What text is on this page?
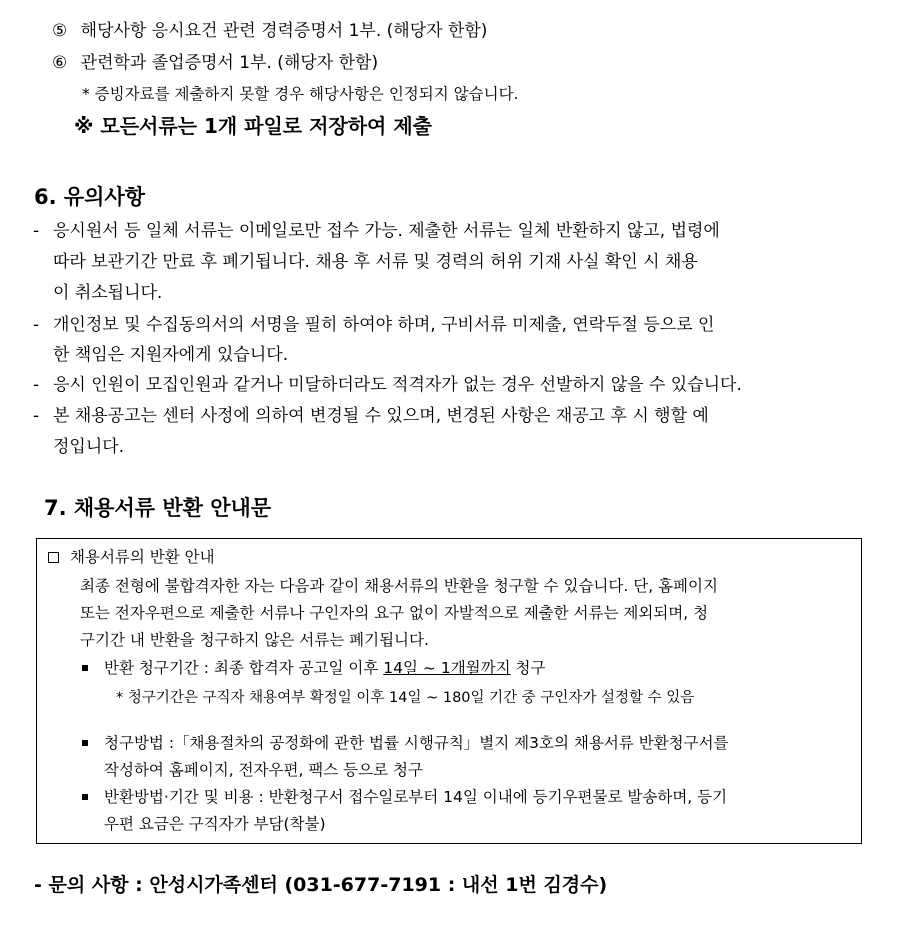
⑤ 해당사항 응시요건 관련 경력증명서 1부. (해당자 한함)
⑥ 관련학과 졸업증명서 1부. (해당자 한함)
* 증빙자료를 제출하지 못할 경우 해당사항은 인정되지 않습니다.
※ 모든서류는 1개 파일로 저장하여 제출
6. 유의사항
- 응시원서 등 일체 서류는 이메일로만 접수 가능. 제출한 서류는 일체 반환하지 않고, 법령에
따라 보관기간 만료 후 폐기됩니다. 채용 후 서류 및 경력의 허위 기재 사실 확인 시 채용
이 취소됩니다.
- 개인정보 및 수집동의서의 서명을 필히 하여야 하며, 구비서류 미제출, 연락두절 등으로 인
한 책임은 지원자에게 있습니다.
- 응시 인원이 모집인원과 같거나 미달하더라도 적격자가 없는 경우 선발하지 않을 수 있습니다.
- 본 채용공고는 센터 사정에 의하여 변경될 수 있으며, 변경된 사항은 재공고 후 시 행할 예
정입니다.
7. 채용서류 반환 안내문
채용서류의 반환 안내
최종 전형에 불합격자한 자는 다음과 같이 채용서류의 반환을 청구할 수 있습니다. 단, 홈페이지
또는 전자우편으로 제출한 서류나 구인자의 요구 없이 자발적으로 제출한 서류는 제외되며, 청
구기간 내 반환을 청구하지 않은 서류는 폐기됩니다.
반환 청구기간 : 최종 합격자 공고일 이후 14일 ~ 1개월까지 청구
* 청구기간은 구직자 채용여부 확정일 이후 14일 ~ 180일 기간 중 구인자가 설정할 수 있음
청구방법 :「채용절차의 공정화에 관한 법률 시행규칙」별지 제3호의 채용서류 반환청구서를
작성하여 홈페이지, 전자우편, 팩스 등으로 청구
반환방법·기간 및 비용 : 반환청구서 접수일로부터 14일 이내에 등기우편물로 발송하며, 등기
우편 요금은 구직자가 부담(착불)
- 문의 사항 : 안성시가족센터 (031-677-7191 : 내선 1번 김경수)
